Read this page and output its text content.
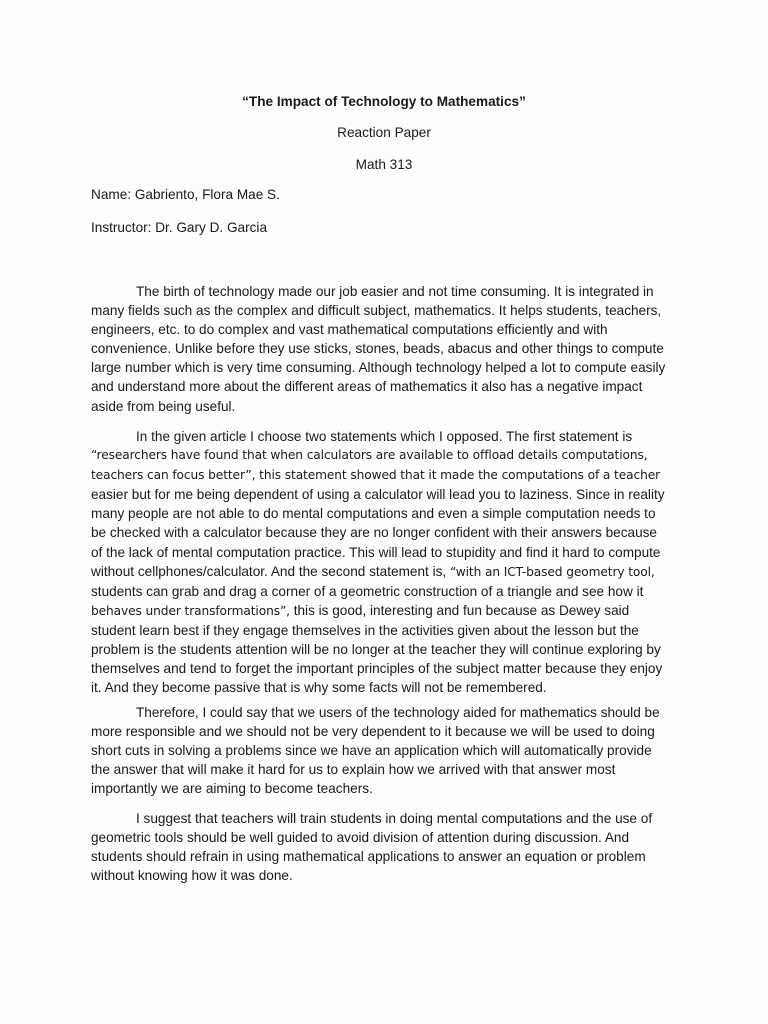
“The Impact of Technology to Mathematics”
Reaction Paper
Math 313
Name: Gabriento, Flora Mae S.
Instructor: Dr. Gary D. Garcia

The birth of technology made our job easier and not time consuming. It is integrated in
many fields such as the complex and difficult subject, mathematics. It helps students, teachers,
engineers, etc. to do complex and vast mathematical computations efficiently and with
convenience. Unlike before they use sticks, stones, beads, abacus and other things to compute
large number which is very time consuming. Although technology helped a lot to compute easily
and understand more about the different areas of mathematics it also has a negative impact
aside from being useful.

In the given article I choose two statements which I opposed. The first statement is
“researchers have found that when calculators are available to offload details computations,
teachers can focus better”, this statement showed that it made the computations of a teacher
easier but for me being dependent of using a calculator will lead you to laziness. Since in reality
many people are not able to do mental computations and even a simple computation needs to
be checked with a calculator because they are no longer confident with their answers because
of the lack of mental computation practice. This will lead to stupidity and find it hard to compute
without cellphones/calculator. And the second statement is, “with an ICT-based geometry tool,
students can grab and drag a corner of a geometric construction of a triangle and see how it
behaves under transformations”, this is good, interesting and fun because as Dewey said
student learn best if they engage themselves in the activities given about the lesson but the
problem is the students attention will be no longer at the teacher they will continue exploring by
themselves and tend to forget the important principles of the subject matter because they enjoy
it. And they become passive that is why some facts will not be remembered.

Therefore, I could say that we users of the technology aided for mathematics should be
more responsible and we should not be very dependent to it because we will be used to doing
short cuts in solving a problems since we have an application which will automatically provide
the answer that will make it hard for us to explain how we arrived with that answer most
importantly we are aiming to become teachers.

I suggest that teachers will train students in doing mental computations and the use of
geometric tools should be well guided to avoid division of attention during discussion. And
students should refrain in using mathematical applications to answer an equation or problem
without knowing how it was done.
